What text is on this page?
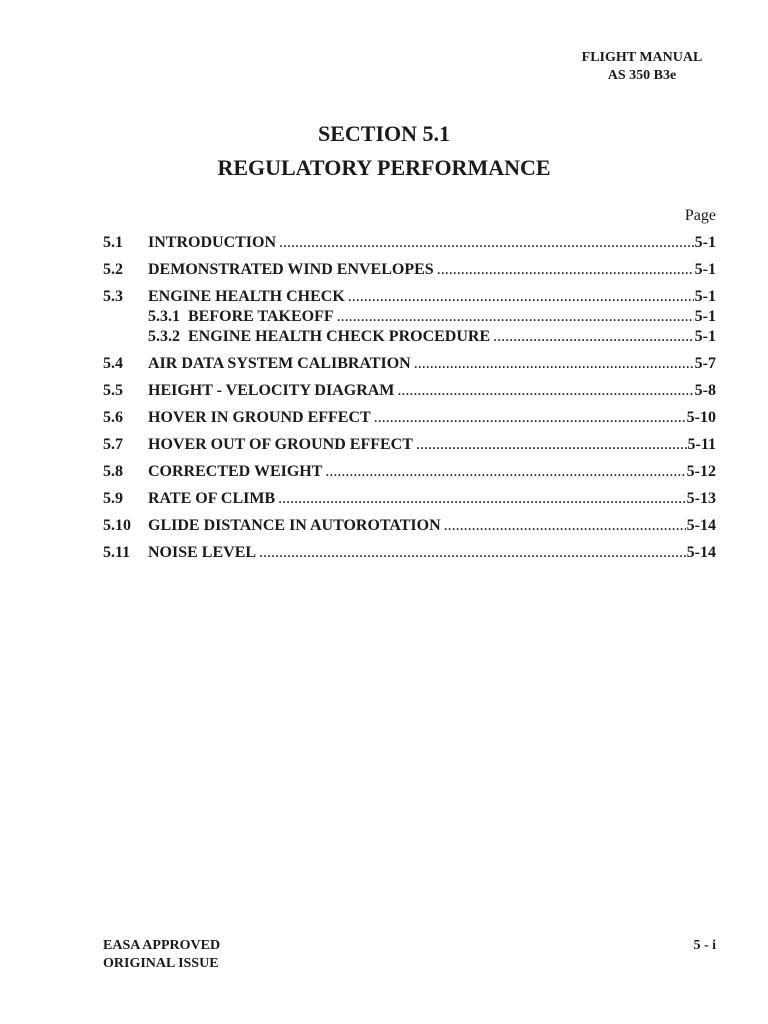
FLIGHT MANUAL
AS 350 B3e

SECTION 5.1

REGULATORY PERFORMANCE

Page
5.1	INTRODUCTION .....	5-1
5.2	DEMONSTRATED WIND ENVELOPES .....	5-1
5.3	ENGINE HEALTH CHECK .....	5-1
5.3.1 BEFORE TAKEOFF .....	5-1
5.3.2 ENGINE HEALTH CHECK PROCEDURE .....	5-1
5.4	AIR DATA SYSTEM CALIBRATION .....	5-7
5.5	HEIGHT - VELOCITY DIAGRAM .....	5-8
5.6	HOVER IN GROUND EFFECT .....	5-10
5.7	HOVER OUT OF GROUND EFFECT .....	5-11
5.8	CORRECTED WEIGHT .....	5-12
5.9	RATE OF CLIMB .....	5-13
5.10	GLIDE DISTANCE IN AUTOROTATION .....	5-14
5.11	NOISE LEVEL .....	5-14
EASA APPROVED
ORIGINAL ISSUE
5 - i
